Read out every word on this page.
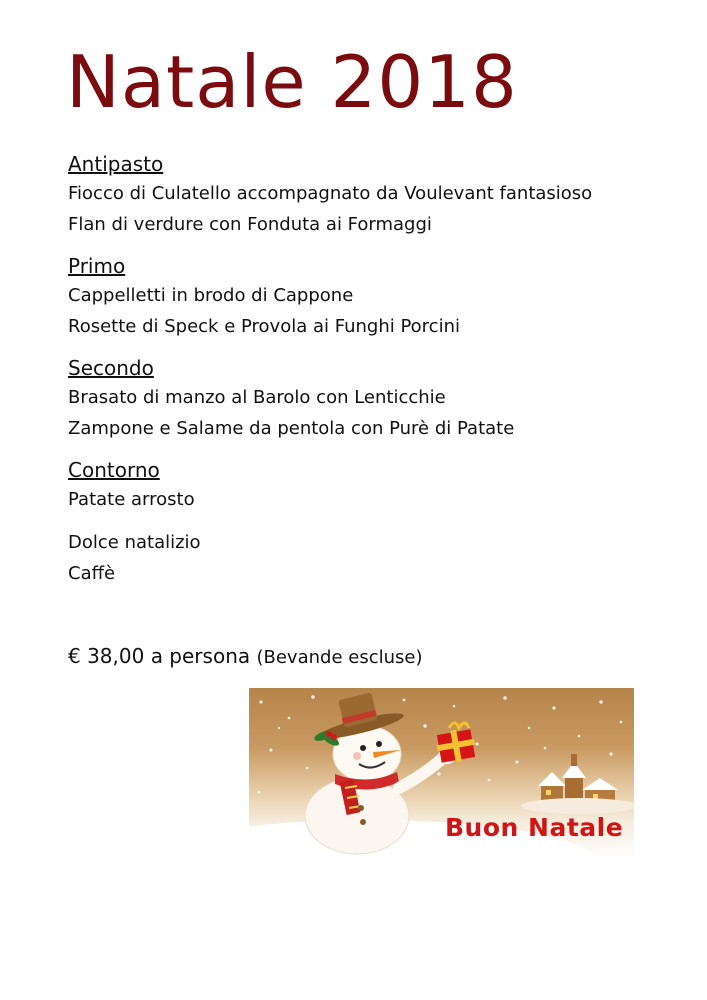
Natale 2018
Antipasto
Fiocco di Culatello accompagnato da Voulevant fantasioso
Flan di verdure con Fonduta ai Formaggi
Primo
Cappelletti in brodo di Cappone
Rosette di Speck e Provola ai Funghi Porcini
Secondo
Brasato di manzo al Barolo con Lenticchie
Zampone e Salame da pentola con Purè di Patate
Contorno
Patate arrosto
Dolce natalizio
Caffè
€ 38,00 a persona (Bevande escluse)
Buon Natale
